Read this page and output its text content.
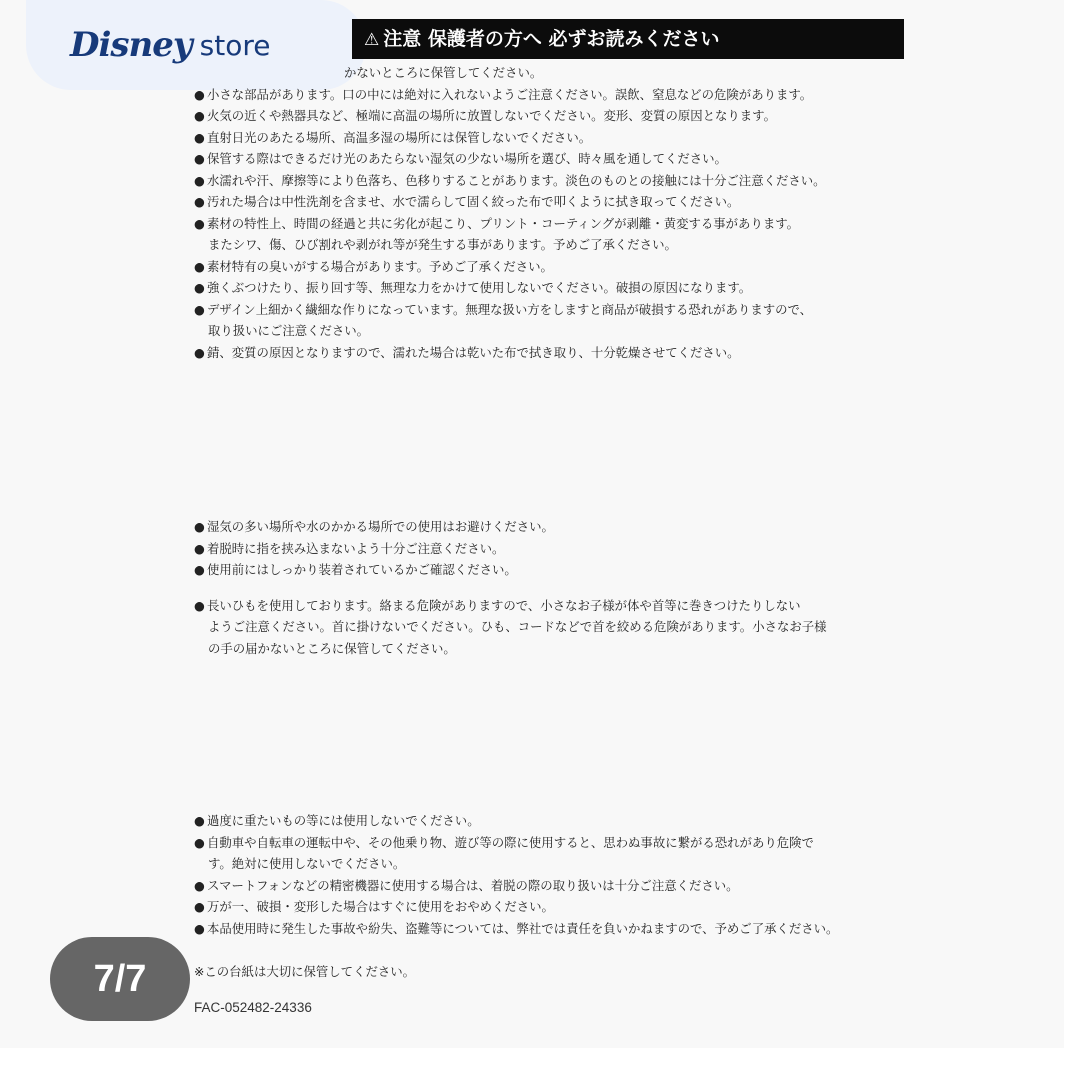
Disney store	⚠ 注意 保護者の方へ 必ずお読みください
かないところに保管してください。
● 小さな部品があります。口の中には絶対に入れないようご注意ください。誤飲、窒息などの危険があります。
● 火気の近くや熱器具など、極端に高温の場所に放置しないでください。変形、変質の原因となります。
● 直射日光のあたる場所、高温多湿の場所には保管しないでください。
● 保管する際はできるだけ光のあたらない湿気の少ない場所を選び、時々風を通してください。
● 水濡れや汗、摩擦等により色落ち、色移りすることがあります。淡色のものとの接触には十分ご注意ください。
● 汚れた場合は中性洗剤を含ませ、水で濡らして固く絞った布で叩くように拭き取ってください。
● 素材の特性上、時間の経過と共に劣化が起こり、プリント・コーティングが剥離・黄変する事があります。
またシワ、傷、ひび割れや剥がれ等が発生する事があります。予めご了承ください。
● 素材特有の臭いがする場合があります。予めご了承ください。
● 強くぶつけたり、振り回す等、無理な力をかけて使用しないでください。破損の原因になります。
● デザイン上細かく繊細な作りになっています。無理な扱い方をしますと商品が破損する恐れがありますので、
取り扱いにご注意ください。
● 錆、変質の原因となりますので、濡れた場合は乾いた布で拭き取り、十分乾燥させてください。
● 湿気の多い場所や水のかかる場所での使用はお避けください。
● 着脱時に指を挟み込まないよう十分ご注意ください。
● 使用前にはしっかり装着されているかご確認ください。
● 長いひもを使用しております。絡まる危険がありますので、小さなお子様が体や首等に巻きつけたりしない
ようご注意ください。首に掛けないでください。ひも、コードなどで首を絞める危険があります。小さなお子様
の手の届かないところに保管してください。
● 過度に重たいもの等には使用しないでください。
● 自動車や自転車の運転中や、その他乗り物、遊び等の際に使用すると、思わぬ事故に繋がる恐れがあり危険で
す。絶対に使用しないでください。
● スマートフォンなどの精密機器に使用する場合は、着脱の際の取り扱いは十分ご注意ください。
● 万が一、破損・変形した場合はすぐに使用をおやめください。
● 本品使用時に発生した事故や紛失、盗難等については、弊社では責任を負いかねますので、予めご了承ください。
※この台紙は大切に保管してください。
FAC-052482-24336
7/7
